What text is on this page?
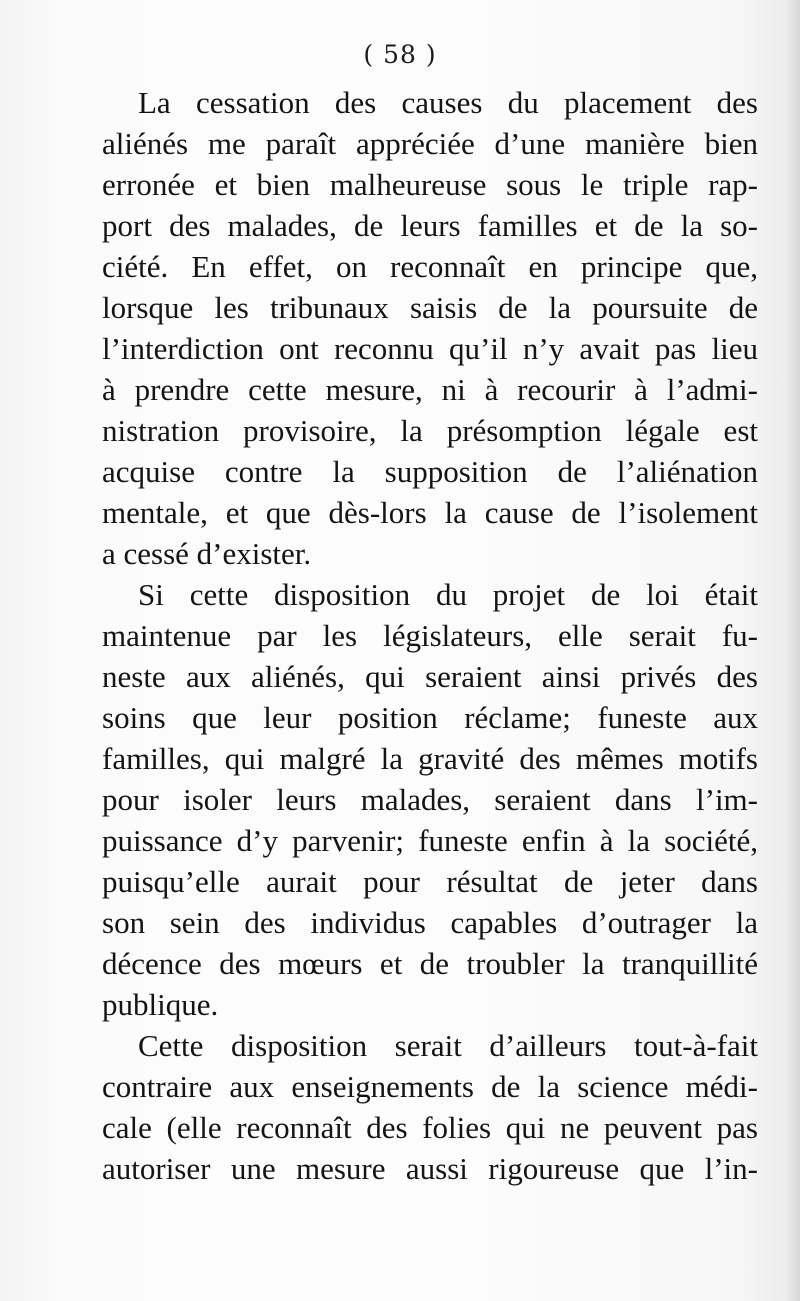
( 58 )
La cessation des causes du placement des
aliénés me paraît appréciée d’une manière bien
erronée et bien malheureuse sous le triple rap-
port des malades, de leurs familles et de la so-
ciété. En effet, on reconnaît en principe que,
lorsque les tribunaux saisis de la poursuite de
l’interdiction ont reconnu qu’il n’y avait pas lieu
à prendre cette mesure, ni à recourir à l’admi-
nistration provisoire, la présomption légale est
acquise contre la supposition de l’aliénation
mentale, et que dès-lors la cause de l’isolement
a cessé d’exister.
Si cette disposition du projet de loi était
maintenue par les législateurs, elle serait fu-
neste aux aliénés, qui seraient ainsi privés des
soins que leur position réclame; funeste aux
familles, qui malgré la gravité des mêmes motifs
pour isoler leurs malades, seraient dans l’im-
puissance d’y parvenir; funeste enfin à la société,
puisqu’elle aurait pour résultat de jeter dans
son sein des individus capables d’outrager la
décence des mœurs et de troubler la tranquillité
publique.
Cette disposition serait d’ailleurs tout-à-fait
contraire aux enseignements de la science médi-
cale (elle reconnaît des folies qui ne peuvent pas
autoriser une mesure aussi rigoureuse que l’in-
